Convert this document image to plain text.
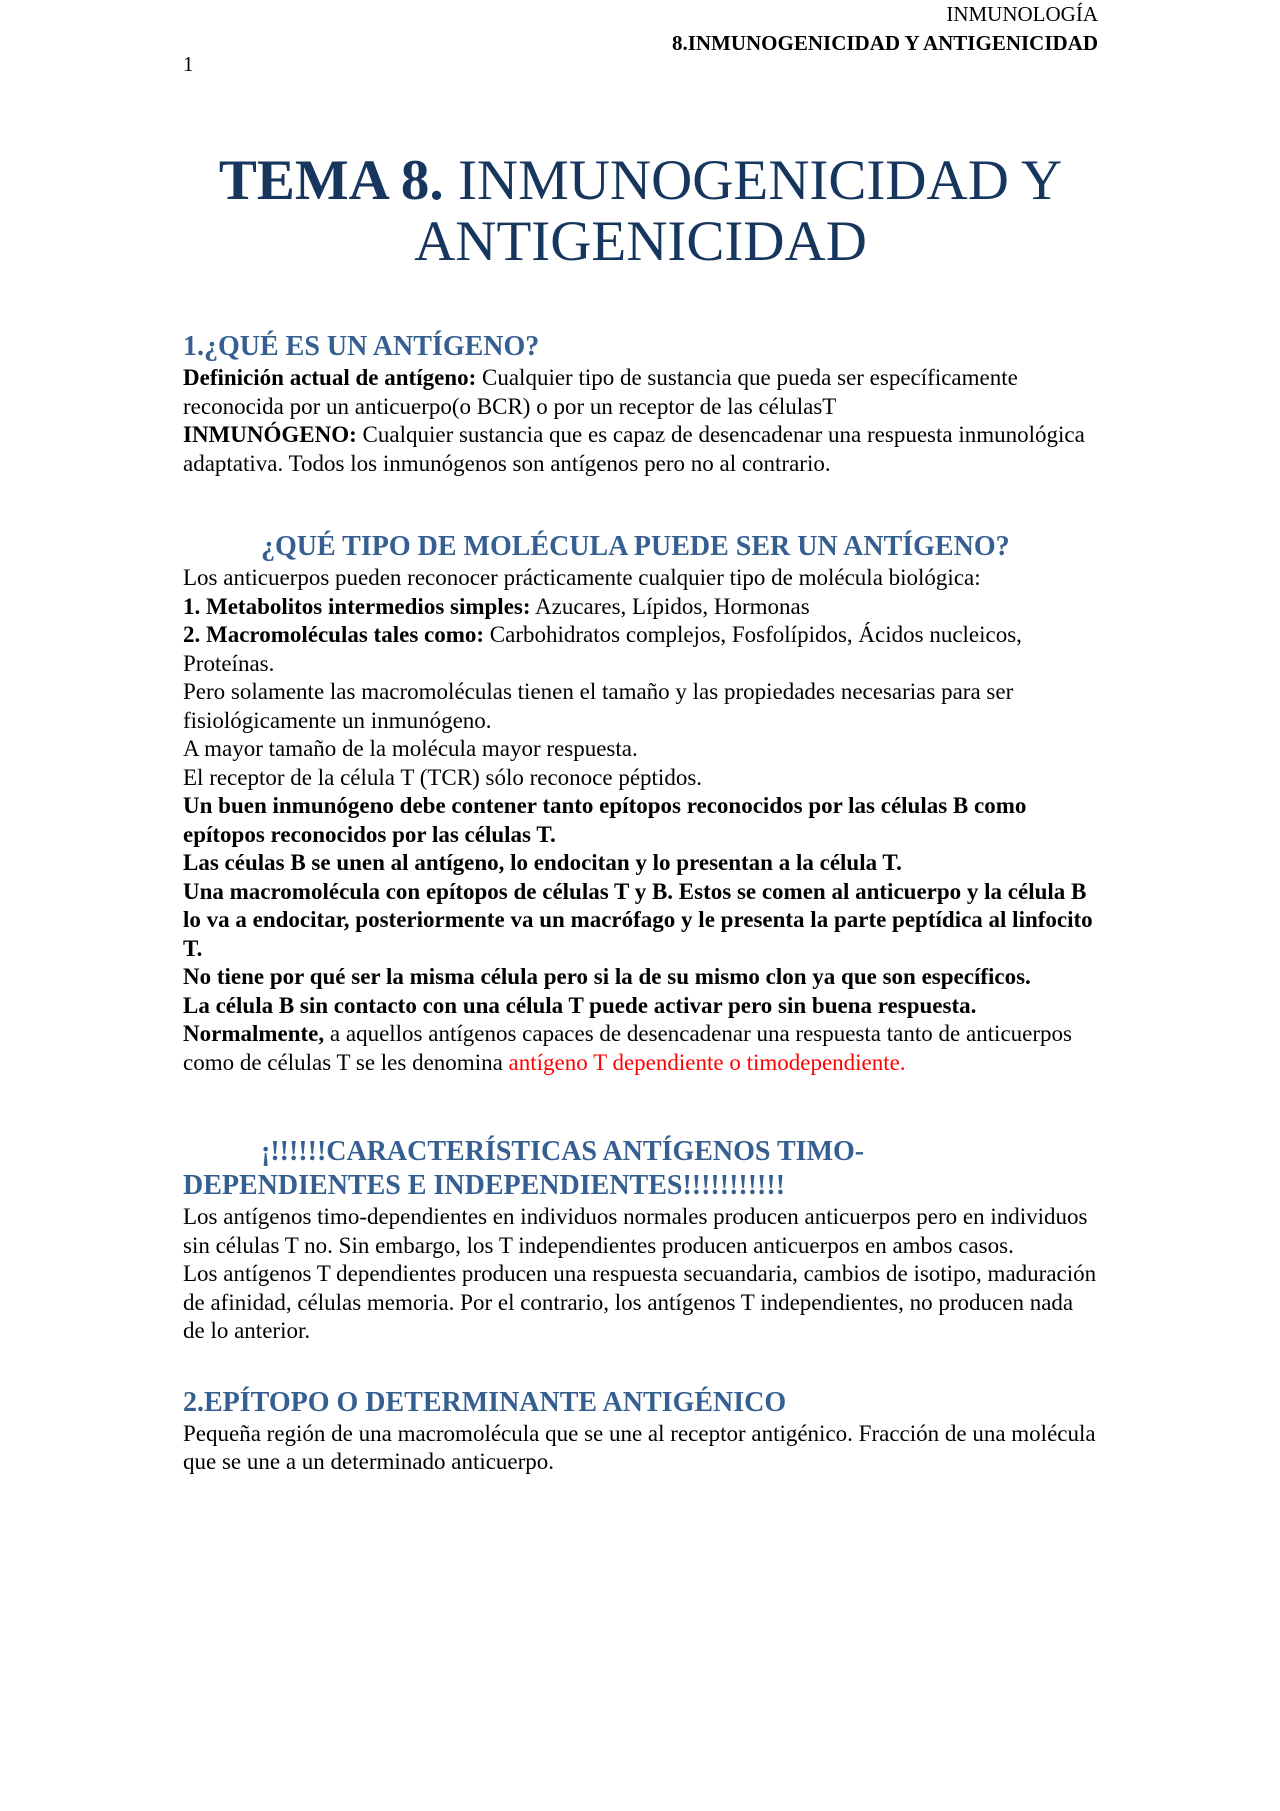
INMUNOLOGÍA
8.INMUNOGENICIDAD Y ANTIGENICIDAD
1
TEMA 8. INMUNOGENICIDAD Y
ANTIGENICIDAD
1.¿QUÉ ES UN ANTÍGENO?

Definición actual de antígeno: Cualquier tipo de sustancia que pueda ser específicamente reconocida por un anticuerpo(o BCR) o por un receptor de las célulasT

INMUNÓGENO: Cualquier sustancia que es capaz de desencadenar una respuesta inmunológica adaptativa. Todos los inmunógenos son antígenos pero no al contrario.

¿QUÉ TIPO DE MOLÉCULA PUEDE SER UN ANTÍGENO?

Los anticuerpos pueden reconocer prácticamente cualquier tipo de molécula biológica:

1. Metabolitos intermedios simples: Azucares, Lípidos, Hormonas

2. Macromoléculas tales como: Carbohidratos complejos, Fosfolípidos, Ácidos nucleicos, Proteínas.

Pero solamente las macromoléculas tienen el tamaño y las propiedades necesarias para ser fisiológicamente un inmunógeno.

A mayor tamaño de la molécula mayor respuesta.

El receptor de la célula T (TCR) sólo reconoce péptidos.

Un buen inmunógeno debe contener tanto epítopos reconocidos por las células B como epítopos reconocidos por las células T.

Las céulas B se unen al antígeno, lo endocitan y lo presentan a la célula T.

Una macromolécula con epítopos de células T y B. Estos se comen al anticuerpo y la célula B lo va a endocitar, posteriormente va un macrófago y le presenta la parte peptídica al linfocito T.

No tiene por qué ser la misma célula pero si la de su mismo clon ya que son específicos.

La célula B sin contacto con una célula T puede activar pero sin buena respuesta.

Normalmente, a aquellos antígenos capaces de desencadenar una respuesta tanto de anticuerpos como de células T se les denomina antígeno T dependiente o timodependiente.

¡!!!!!!CARACTERÍSTICAS ANTÍGENOS TIMO-
DEPENDIENTES E INDEPENDIENTES!!!!!!!!!!!

Los antígenos timo-dependientes en individuos normales producen anticuerpos pero en individuos sin células T no. Sin embargo, los T independientes producen anticuerpos en ambos casos.

Los antígenos T dependientes producen una respuesta secuandaria, cambios de isotipo, maduración de afinidad, células memoria. Por el contrario, los antígenos T independientes, no producen nada de lo anterior.

2.EPÍTOPO O DETERMINANTE ANTIGÉNICO

Pequeña región de una macromolécula que se une al receptor antigénico. Fracción de una molécula que se une a un determinado anticuerpo.
